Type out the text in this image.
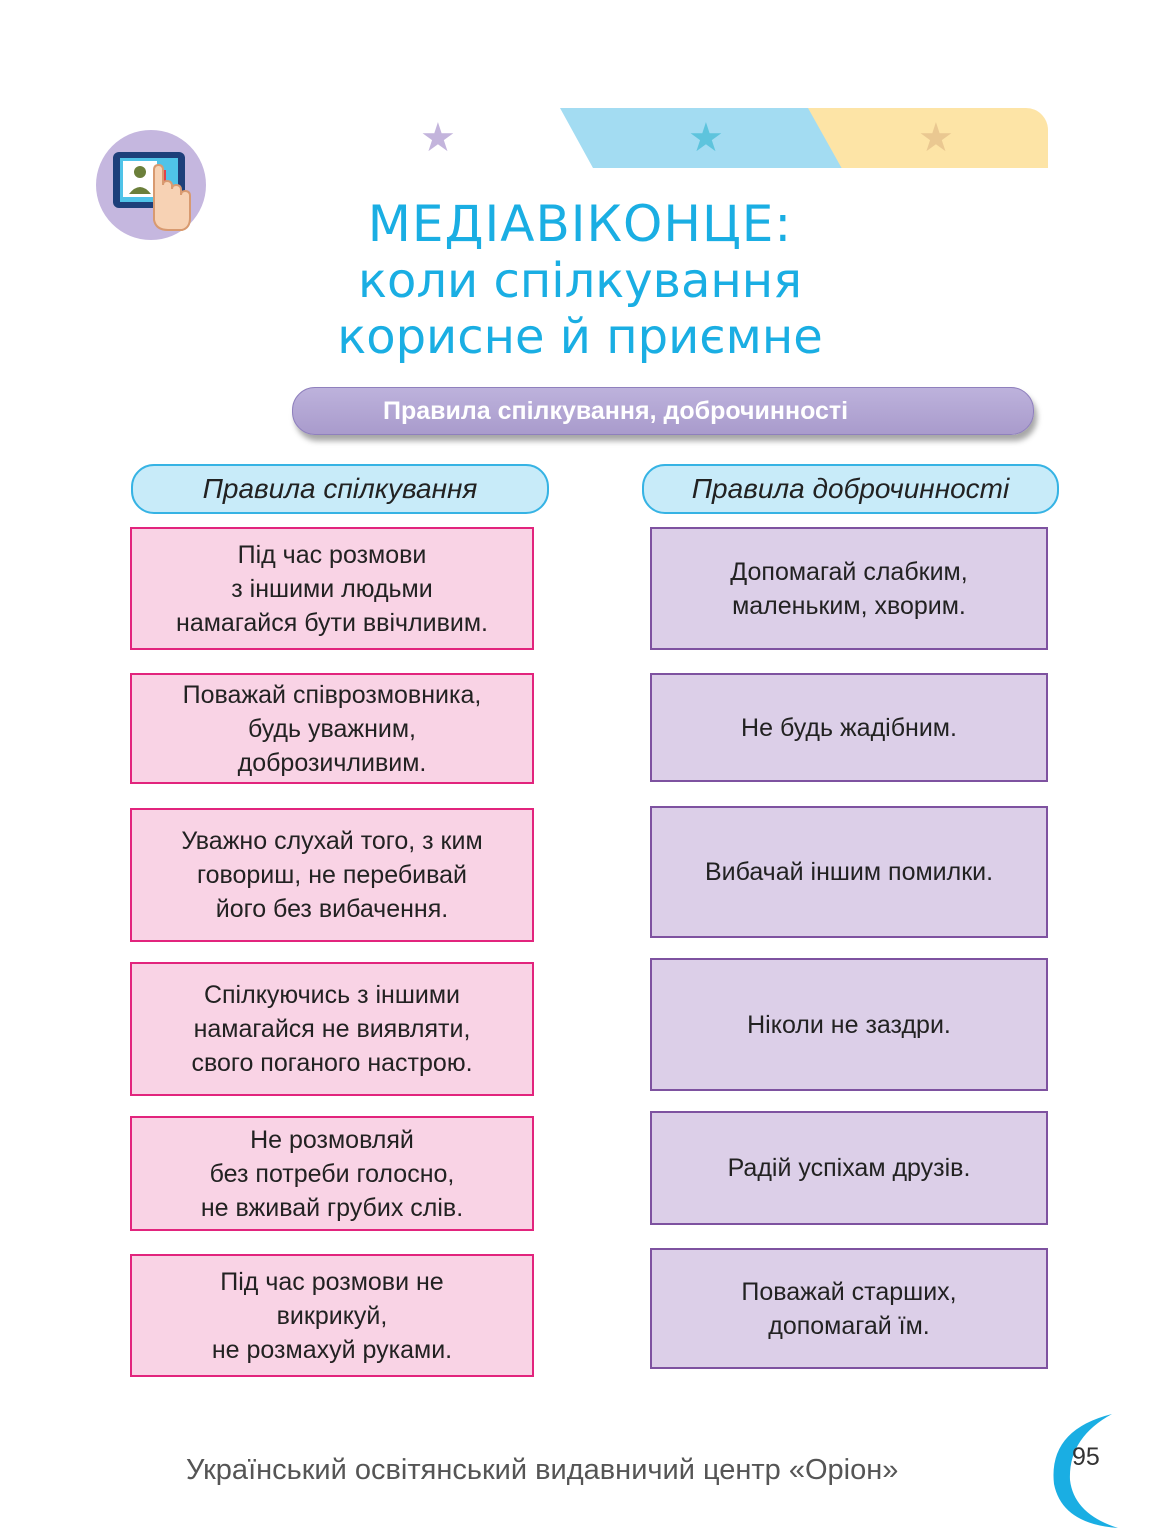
★	★	★
МЕДІАВІКОНЦЕ:
коли спілкування
корисне й приємне
Правила спілкування, доброчинності
Правила спілкування	Правила доброчинності
Під час розмови
з іншими людьми
намагайся бути ввічливим.
Поважай співрозмовника,
будь уважним,
доброзичливим.
Уважно слухай того, з ким
говориш, не перебивай
його без вибачення.
Спілкуючись з іншими
намагайся не виявляти,
свого поганого настрою.
Не розмовляй
без потреби голосно,
не вживай грубих слів.
Під час розмови не
викрикуй,
не розмахуй руками.
Допомагай слабким,
маленьким, хворим.
Не будь жадібним.
Вибачай іншим помилки.
Ніколи не заздри.
Радій успіхам друзів.
Поважай старших,
допомагай їм.
Український освітянський видавничий центр «Оріон»	95
